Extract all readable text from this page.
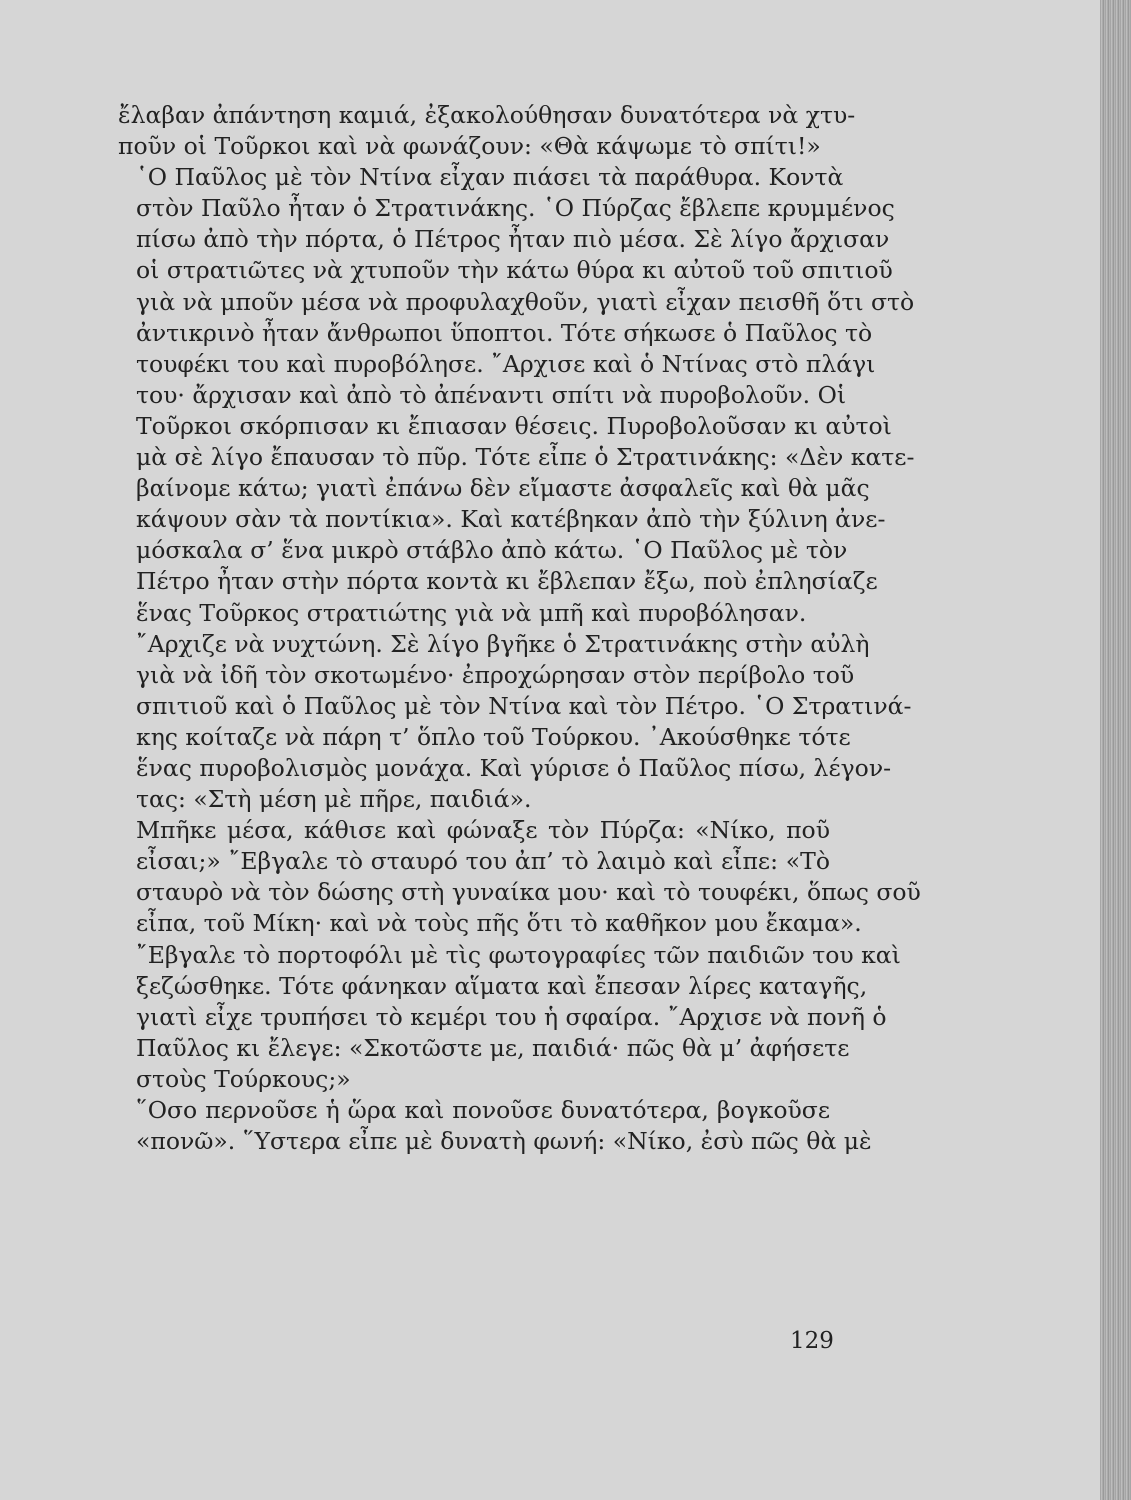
ἔλαβαν ἀπάντηση καμιά, ἐξακολούθησαν δυνατότερα νὰ χτυ-
ποῦν οἱ Τοῦρκοι καὶ νὰ φωνάζουν: «Θὰ κάψωμε τὸ σπίτι!»
῾Ο Παῦλος μὲ τὸν Ντίνα εἶχαν πιάσει τὰ παράθυρα. Κοντὰ
στὸν Παῦλο ἦταν ὁ Στρατινάκης. ῾Ο Πύρζας ἔβλεπε κρυμμένος
πίσω ἀπὸ τὴν πόρτα, ὁ Πέτρος ἦταν πιὸ μέσα. Σὲ λίγο ἄρχισαν
οἱ στρατιῶτες νὰ χτυποῦν τὴν κάτω θύρα κι αὐτοῦ τοῦ σπιτιοῦ
γιὰ νὰ μποῦν μέσα νὰ προφυλαχθοῦν, γιατὶ εἶχαν πεισθῆ ὅτι στὸ
ἀντικρινὸ ἦταν ἄνθρωποι ὕποπτοι. Τότε σήκωσε ὁ Παῦλος τὸ
τουφέκι του καὶ πυροβόλησε. ῎Αρχισε καὶ ὁ Ντίνας στὸ πλάγι
του· ἄρχισαν καὶ ἀπὸ τὸ ἀπέναντι σπίτι νὰ πυροβολοῦν. Οἱ
Τοῦρκοι σκόρπισαν κι ἔπιασαν θέσεις. Πυροβολοῦσαν κι αὐτοὶ
μὰ σὲ λίγο ἔπαυσαν τὸ πῦρ. Τότε εἶπε ὁ Στρατινάκης: «Δὲν κατε-
βαίνομε κάτω; γιατὶ ἐπάνω δὲν εἴμαστε ἀσφαλεῖς καὶ θὰ μᾶς
κάψουν σὰν τὰ ποντίκια». Καὶ κατέβηκαν ἀπὸ τὴν ξύλινη ἀνε-
μόσκαλα σ’ ἕνα μικρὸ στάβλο ἀπὸ κάτω. ῾Ο Παῦλος μὲ τὸν
Πέτρο ἦταν στὴν πόρτα κοντὰ κι ἔβλεπαν ἔξω, ποὺ ἐπλησίαζε
ἕνας Τοῦρκος στρατιώτης γιὰ νὰ μπῆ καὶ πυροβόλησαν.
῎Αρχιζε νὰ νυχτώνη. Σὲ λίγο βγῆκε ὁ Στρατινάκης στὴν αὐλὴ
γιὰ νὰ ἰδῆ τὸν σκοτωμένο· ἐπροχώρησαν στὸν περίβολο τοῦ
σπιτιοῦ καὶ ὁ Παῦλος μὲ τὸν Ντίνα καὶ τὸν Πέτρο. ῾Ο Στρατινά-
κης κοίταζε νὰ πάρη τ’ ὅπλο τοῦ Τούρκου. ᾿Ακούσθηκε τότε
ἕνας πυροβολισμὸς μονάχα. Καὶ γύρισε ὁ Παῦλος πίσω, λέγον-
τας: «Στὴ μέση μὲ πῆρε, παιδιά».
Μπῆκε μέσα, κάθισε καὶ φώναξε τὸν Πύρζα: «Νίκο, ποῦ
εἶσαι;» ῎Εβγαλε τὸ σταυρό του ἀπ’ τὸ λαιμὸ καὶ εἶπε: «Τὸ
σταυρὸ νὰ τὸν δώσης στὴ γυναίκα μου· καὶ τὸ τουφέκι, ὅπως σοῦ
εἶπα, τοῦ Μίκη· καὶ νὰ τοὺς πῆς ὅτι τὸ καθῆκον μου ἔκαμα».
῎Εβγαλε τὸ πορτοφόλι μὲ τὶς φωτογραφίες τῶν παιδιῶν του καὶ
ξεζώσθηκε. Τότε φάνηκαν αἵματα καὶ ἔπεσαν λίρες καταγῆς,
γιατὶ εἶχε τρυπήσει τὸ κεμέρι του ἡ σφαίρα. ῎Αρχισε νὰ πονῆ ὁ
Παῦλος κι ἔλεγε: «Σκοτῶστε με, παιδιά· πῶς θὰ μ’ ἀφήσετε
στοὺς Τούρκους;»
῞Οσο περνοῦσε ἡ ὥρα καὶ πονοῦσε δυνατότερα, βογκοῦσε
«πονῶ». ῞Υστερα εἶπε μὲ δυνατὴ φωνή: «Νίκο, ἐσὺ πῶς θὰ μὲ
129
